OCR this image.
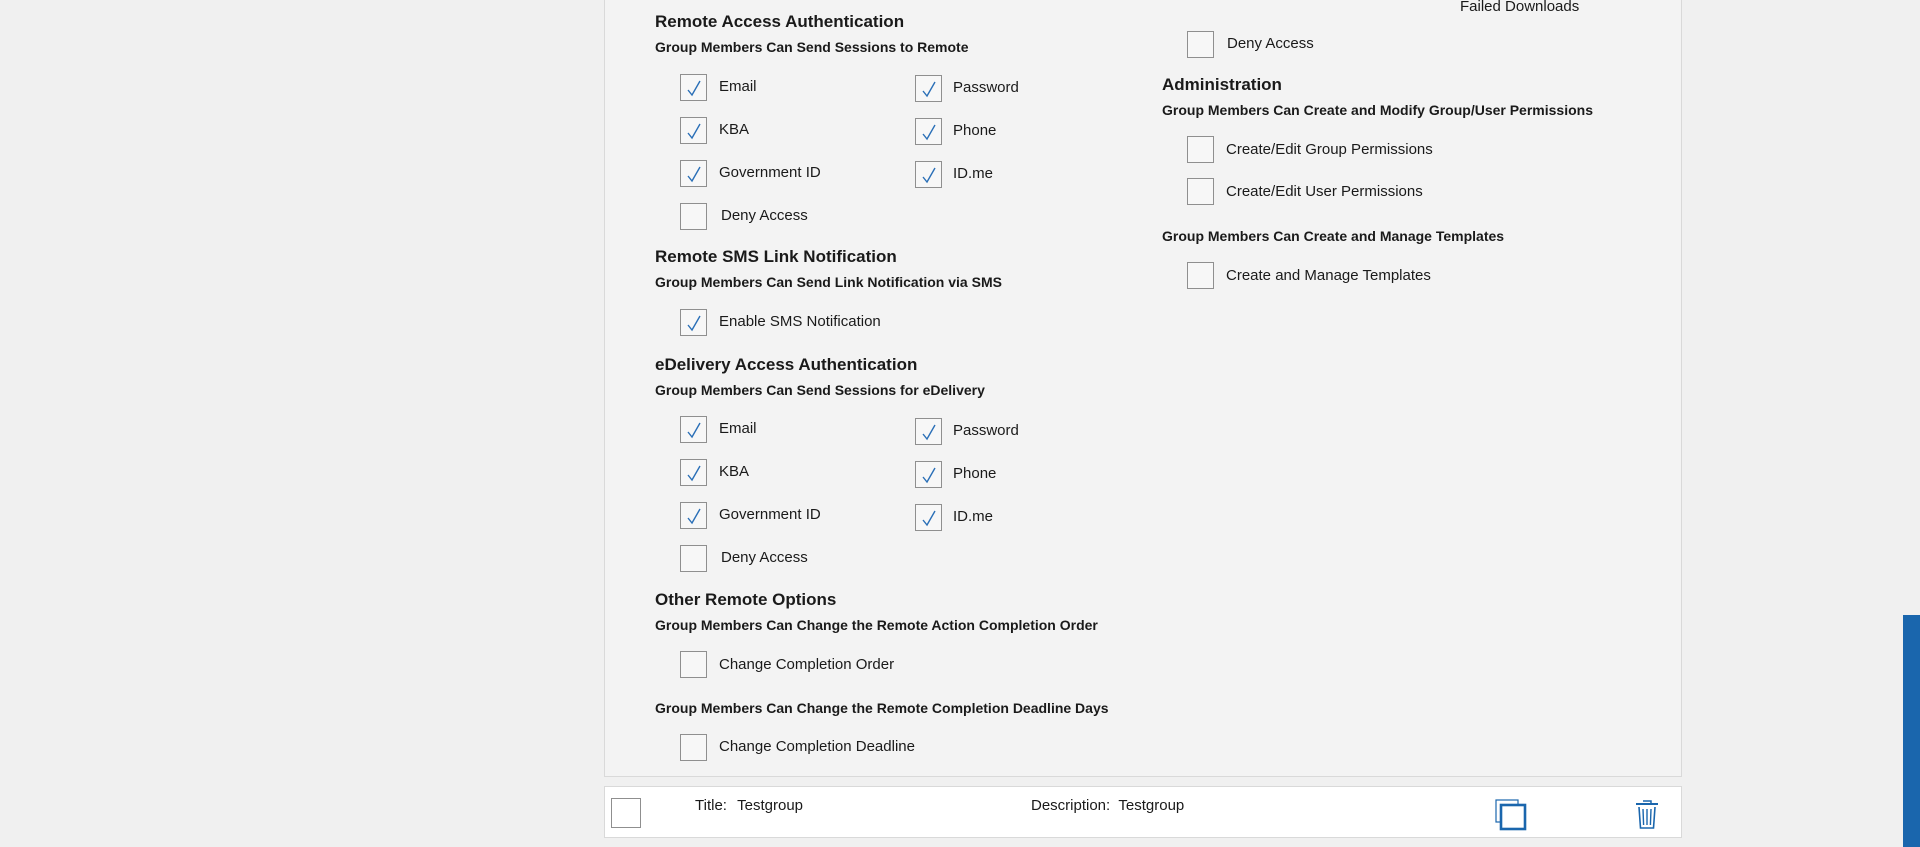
Failed Downloads
Remote Access Authentication
Group Members Can Send Sessions to Remote
Email	Password
KBA	Phone
Government ID	ID.me
Deny Access
Remote SMS Link Notification
Group Members Can Send Link Notification via SMS
Enable SMS Notification
eDelivery Access Authentication
Group Members Can Send Sessions for eDelivery
Email	Password
KBA	Phone
Government ID	ID.me
Deny Access
Other Remote Options
Group Members Can Change the Remote Action Completion Order
Change Completion Order
Group Members Can Change the Remote Completion Deadline Days
Change Completion Deadline
Deny Access
Administration
Group Members Can Create and Modify Group/User Permissions
Create/Edit Group Permissions
Create/Edit User Permissions
Group Members Can Create and Manage Templates
Create and Manage Templates
Title: Testgroup	Description: Testgroup
